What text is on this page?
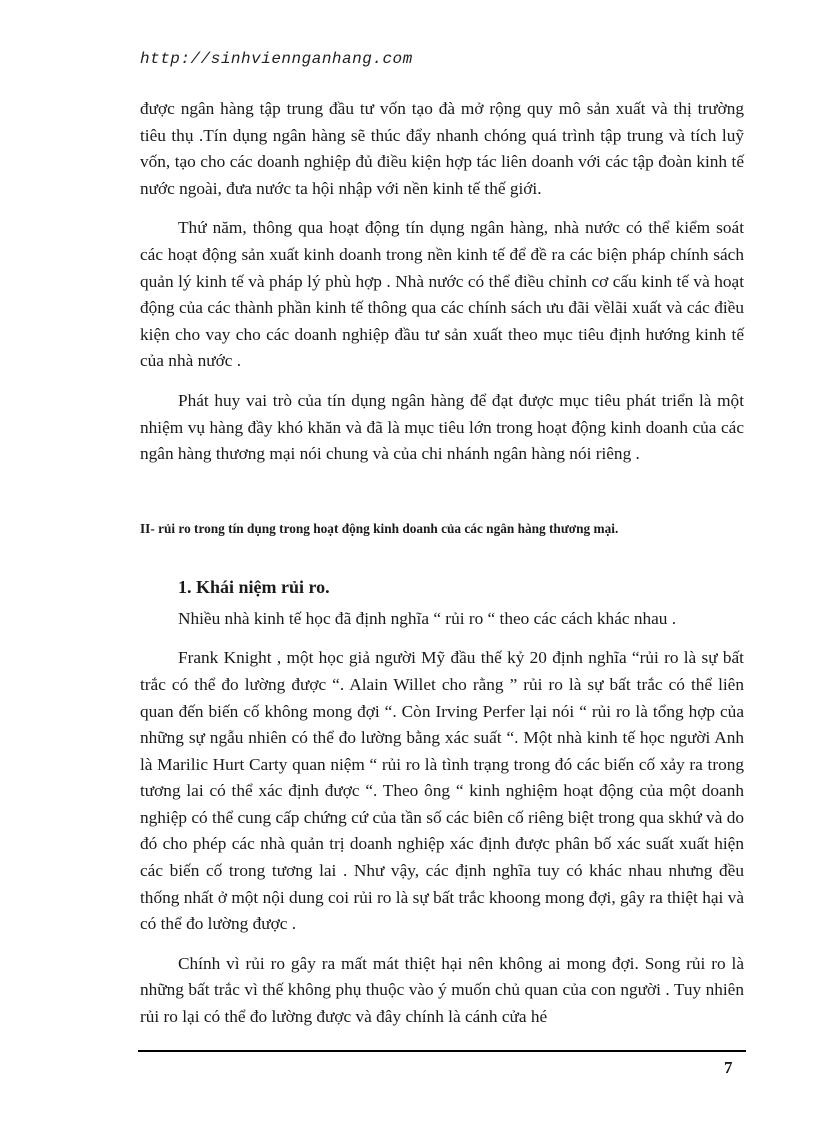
http://sinhviennganhang.com

được ngân hàng tập trung đầu tư vốn tạo đà mở rộng quy mô sản xuất và thị trường tiêu thụ .Tín dụng ngân hàng sẽ thúc đẩy nhanh chóng quá trình tập trung và tích luỹ vốn, tạo cho các doanh nghiệp đủ điều kiện hợp tác liên doanh với các tập đoàn kinh tế nước ngoài, đưa nước ta hội nhập với nền kinh tế thế giới.

Thứ năm, thông qua hoạt động tín dụng ngân hàng, nhà nước có thể kiểm soát các hoạt động sản xuất kinh doanh trong nền kinh tế để đề ra các biện pháp chính sách quản lý kinh tế và pháp lý phù hợp . Nhà nước có thể điều chỉnh cơ cấu kinh tế và hoạt động của các thành phần kinh tế thông qua các chính sách ưu đãi vềlãi xuất và các điều kiện cho vay cho các doanh nghiệp đầu tư sản xuất theo mục tiêu định hướng kinh tế của nhà nước .

Phát huy vai trò của tín dụng ngân hàng để đạt được mục tiêu phát triển là một nhiệm vụ hàng đầy khó khăn và đã là mục tiêu lớn trong hoạt động kinh doanh của các ngân hàng thương mại nói chung và của chi nhánh ngân hàng nói riêng .

II- rủi ro trong tín dụng trong hoạt động kinh doanh của các ngân hàng thương mại.
1. Khái niệm rủi ro.

Nhiều nhà kinh tế học đã định nghĩa “ rủi ro “ theo các cách khác nhau .

Frank Knight , một học giả người Mỹ đầu thế kỷ 20 định nghĩa “rủi ro là sự bất trắc có thể đo lường được “. Alain Willet cho rằng ” rủi ro là sự bất trắc có thể liên quan đến biến cố không mong đợi “. Còn Irving Perfer lại nói “ rủi ro là tổng hợp của những sự ngẫu nhiên có thể đo lường bằng xác suất “. Một nhà kinh tế học người Anh là Marilic Hurt Carty quan niệm “ rủi ro là tình trạng trong đó các biến cố xảy ra trong tương lai có thể xác định được “. Theo ông “ kinh nghiệm hoạt động của một doanh nghiệp có thể cung cấp chứng cứ của tần số các biên cố riêng biệt trong qua skhứ và do đó cho phép các nhà quản trị doanh nghiệp xác định được phân bố xác suất xuất hiện các biến cố trong tương lai . Như vậy, các định nghĩa tuy có khác nhau nhưng đều thống nhất ở một nội dung coi rủi ro là sự bất trắc khoong mong đợi, gây ra thiệt hại và có thể đo lường được .

Chính vì rủi ro gây ra mất mát thiệt hại nên không ai mong đợi. Song rủi ro là những bất trắc vì thế không phụ thuộc vào ý muốn chủ quan của con người . Tuy nhiên rủi ro lại có thể đo lường được và đây chính là cánh cửa hé

7
